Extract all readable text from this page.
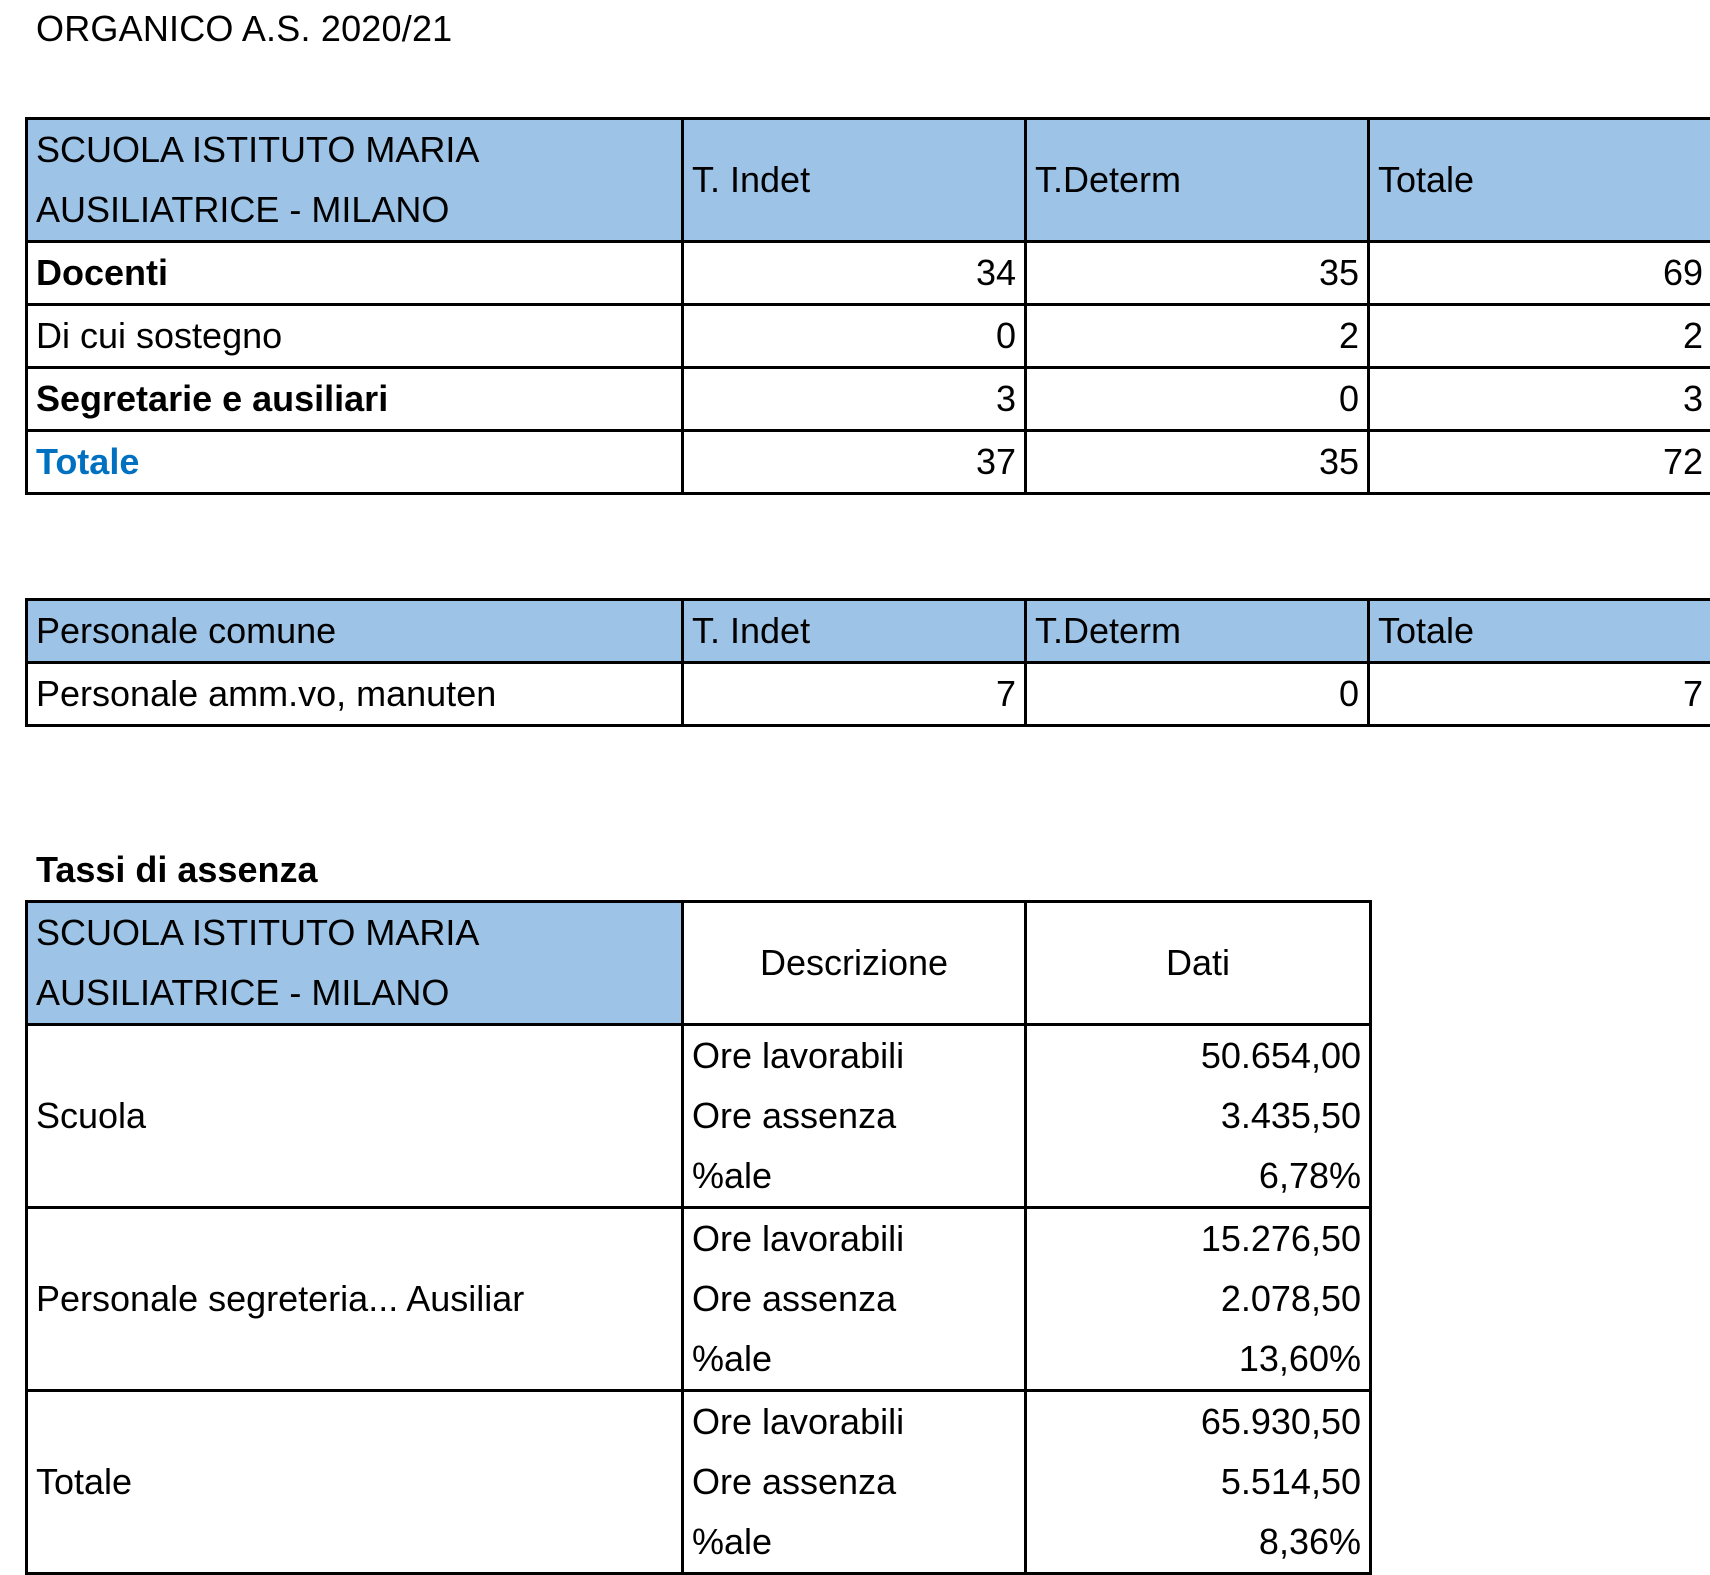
ORGANICO A.S. 2020/21
SCUOLA ISTITUTO MARIA AUSILIATRICE - MILANO	T. Indet	T.Determ	Totale
Docenti	34	35	69
Di cui sostegno	0	2	2
Segretarie e ausiliari	3	0	3
Totale	37	35	72
Personale comune	T. Indet	T.Determ	Totale
Personale amm.vo, manuten	7	0	7
Tassi di assenza
SCUOLA ISTITUTO MARIA AUSILIATRICE - MILANO	Descrizione	Dati
Scuola	Ore lavorabili	50.654,00
	Ore assenza	3.435,50
	%ale	6,78%
Personale segreteria... Ausiliar	Ore lavorabili	15.276,50
	Ore assenza	2.078,50
	%ale	13,60%
Totale	Ore lavorabili	65.930,50
	Ore assenza	5.514,50
	%ale	8,36%
